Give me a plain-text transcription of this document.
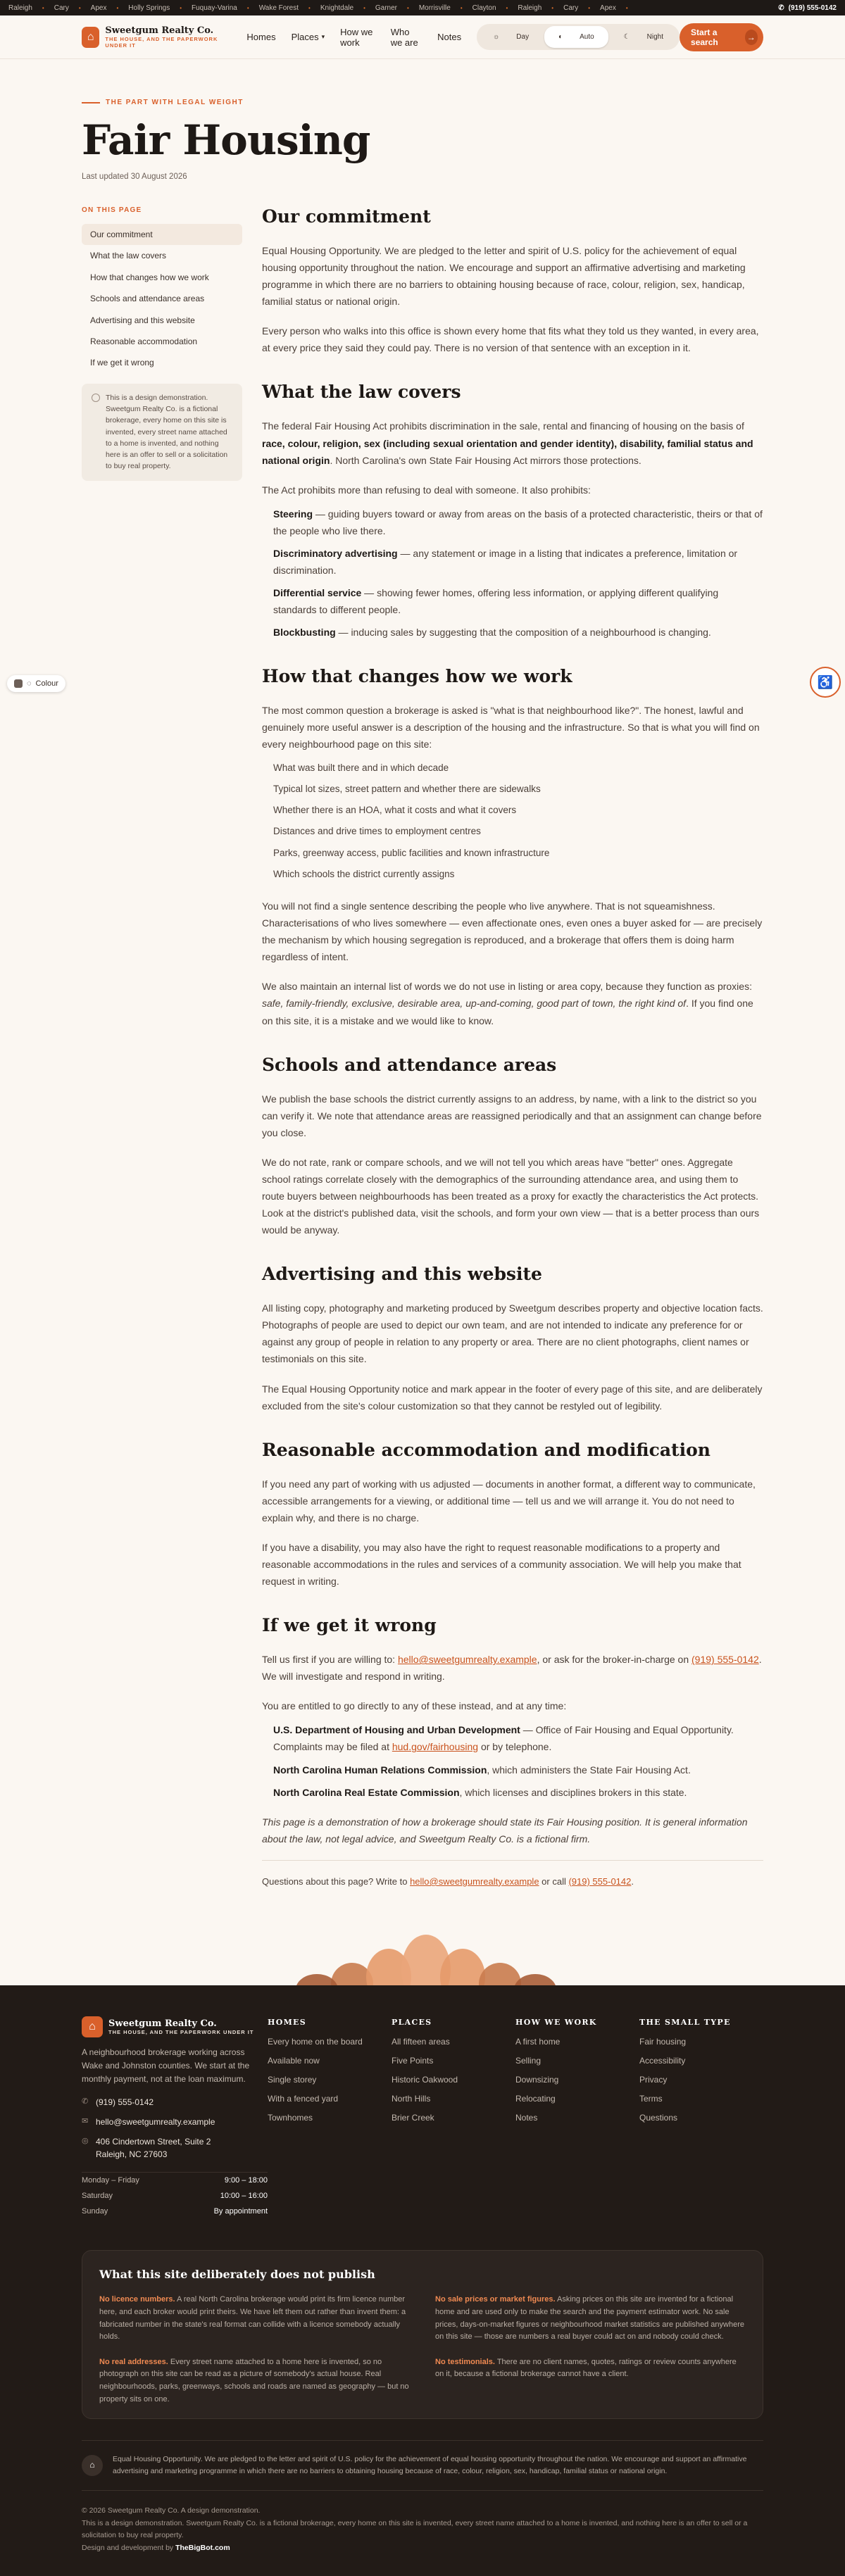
Raleigh •	Cary •	Apex •	Holly Springs •	Fuquay-Varina •	Wake Forest •	Knightdale •	Garner •	Morrisville •	Clayton •	Raleigh •	Cary •	Apex •	✆ (919) 555-0142
⌂	Sweetgum Realty Co.
THE HOUSE, AND THE PAPERWORK UNDER IT
Homes Places ▾ How we work
Who we are	Notes	☼	Day	◐	Auto	☾	Night	Start a search	→
THE PART WITH LEGAL WEIGHT
Fair Housing
Last updated 30 August 2026
ON THIS PAGE
Our commitment
What the law covers
How that changes how we work
Schools and attendance areas
Advertising and this website
Reasonable accommodation
If we get it wrong
This is a design demonstration. Sweetgum Realty Co. is a fictional brokerage, every home on this site is invented, every street name attached to a home is invented, and nothing here is an offer to sell or a solicitation to buy real property.
Our commitment

Equal Housing Opportunity. We are pledged to the letter and spirit of U.S. policy for the achievement of equal housing opportunity throughout the nation. We encourage and support an affirmative advertising and marketing programme in which there are no barriers to obtaining housing because of race, colour, religion, sex, handicap, familial status or national origin.

Every person who walks into this office is shown every home that fits what they told us they wanted, in every area, at every price they said they could pay. There is no version of that sentence with an exception in it.

What the law covers

The federal Fair Housing Act prohibits discrimination in the sale, rental and financing of housing on the basis of race, colour, religion, sex (including sexual orientation and gender identity), disability, familial status and national origin. North Carolina's own State Fair Housing Act mirrors those protections.

The Act prohibits more than refusing to deal with someone. It also prohibits:

Steering — guiding buyers toward or away from areas on the basis of a protected characteristic, theirs or that of the people who live there.
Discriminatory advertising — any statement or image in a listing that indicates a preference, limitation or discrimination.
Differential service — showing fewer homes, offering less information, or applying different qualifying standards to different people.
Blockbusting — inducing sales by suggesting that the composition of a neighbourhood is changing.
How that changes how we work

The most common question a brokerage is asked is "what is that neighbourhood like?". The honest, lawful and genuinely more useful answer is a description of the housing and the infrastructure. So that is what you will find on every neighbourhood page on this site:

What was built there and in which decade
Typical lot sizes, street pattern and whether there are sidewalks
Whether there is an HOA, what it costs and what it covers
Distances and drive times to employment centres
Parks, greenway access, public facilities and known infrastructure
Which schools the district currently assigns

You will not find a single sentence describing the people who live anywhere. That is not squeamishness. Characterisations of who lives somewhere — even affectionate ones, even ones a buyer asked for — are precisely the mechanism by which housing segregation is reproduced, and a brokerage that offers them is doing harm regardless of intent.

We also maintain an internal list of words we do not use in listing or area copy, because they function as proxies: safe, family-friendly, exclusive, desirable area, up-and-coming, good part of town, the right kind of. If you find one on this site, it is a mistake and we would like to know.

Schools and attendance areas

We publish the base schools the district currently assigns to an address, by name, with a link to the district so you can verify it. We note that attendance areas are reassigned periodically and that an assignment can change before you close.

We do not rate, rank or compare schools, and we will not tell you which areas have "better" ones. Aggregate school ratings correlate closely with the demographics of the surrounding attendance area, and using them to route buyers between neighbourhoods has been treated as a proxy for exactly the characteristics the Act protects. Look at the district's published data, visit the schools, and form your own view — that is a better process than ours would be anyway.

Advertising and this website

All listing copy, photography and marketing produced by Sweetgum describes property and objective location facts. Photographs of people are used to depict our own team, and are not intended to indicate any preference for or against any group of people in relation to any property or area. There are no client photographs, client names or testimonials on this site.

The Equal Housing Opportunity notice and mark appear in the footer of every page of this site, and are deliberately excluded from the site's colour customization so that they cannot be restyled out of legibility.

Reasonable accommodation and modification

If you need any part of working with us adjusted — documents in another format, a different way to communicate, accessible arrangements for a viewing, or additional time — tell us and we will arrange it. You do not need to explain why, and there is no charge.

If you have a disability, you may also have the right to request reasonable modifications to a property and reasonable accommodations in the rules and services of a community association. We will help you make that request in writing.

If we get it wrong

Tell us first if you are willing to: hello@sweetgumrealty.example, or ask for the broker-in-charge on (919) 555-0142. We will investigate and respond in writing.

You are entitled to go directly to any of these instead, and at any time:

U.S. Department of Housing and Urban Development — Office of Fair Housing and Equal Opportunity. Complaints may be filed at hud.gov/fairhousing or by telephone.
North Carolina Human Relations Commission, which administers the State Fair Housing Act.
North Carolina Real Estate Commission, which licenses and disciplines brokers in this state.

This page is a demonstration of how a brokerage should state its Fair Housing position. It is general information about the law, not legal advice, and Sweetgum Realty Co. is a fictional firm.

Questions about this page? Write to hello@sweetgumrealty.example or call (919) 555-0142.
◌ Colour	♿
⌂	Sweetgum Realty Co.
THE HOUSE, AND THE PAPERWORK UNDER IT
A neighbourhood brokerage working across Wake and Johnston counties. We start at the monthly payment, not at the loan maximum.
✆ (919) 555-0142
✉ hello@sweetgumrealty.example
◎ 406 Cindertown Street, Suite 2
Raleigh, NC 27603
Monday – Friday	9:00 – 18:00
Saturday	10:00 – 16:00
Sunday	By appointment
HOMES
Every home on the board
Available now
Single storey
With a fenced yard
Townhomes
PLACES
All fifteen areas
Five Points
Historic Oakwood
North Hills
Brier Creek
HOW WE WORK
A first home
Selling
Downsizing
Relocating
Notes
THE SMALL TYPE
Fair housing
Accessibility
Privacy
Terms
Questions
What this site deliberately does not publish
No licence numbers. A real North Carolina brokerage would print its firm licence number here, and each broker would print theirs. We have left them out rather than invent them: a fabricated number in the state's real format can collide with a licence somebody actually holds.
No sale prices or market figures. Asking prices on this site are invented for a fictional home and are used only to make the search and the payment estimator work. No sale prices, days-on-market figures or neighbourhood market statistics are published anywhere on this site — those are numbers a real buyer could act on and nobody could check.
No real addresses. Every street name attached to a home here is invented, so no photograph on this site can be read as a picture of somebody's actual house. Real neighbourhoods, parks, greenways, schools and roads are named as geography — but no property sits on one.
No testimonials. There are no client names, quotes, ratings or review counts anywhere on it, because a fictional brokerage cannot have a client.
⌂
Equal Housing Opportunity. We are pledged to the letter and spirit of U.S. policy for the achievement of equal housing opportunity throughout the nation. We encourage and support an affirmative advertising and marketing programme in which there are no barriers to obtaining housing because of race, colour, religion, sex, handicap, familial status or national origin.
© 2026 Sweetgum Realty Co. A design demonstration.
This is a design demonstration. Sweetgum Realty Co. is a fictional brokerage, every home on this site is invented, every street name attached to a home is invented, and nothing here is an offer to sell or a solicitation to buy real property.
Design and development by TheBigBot.com
